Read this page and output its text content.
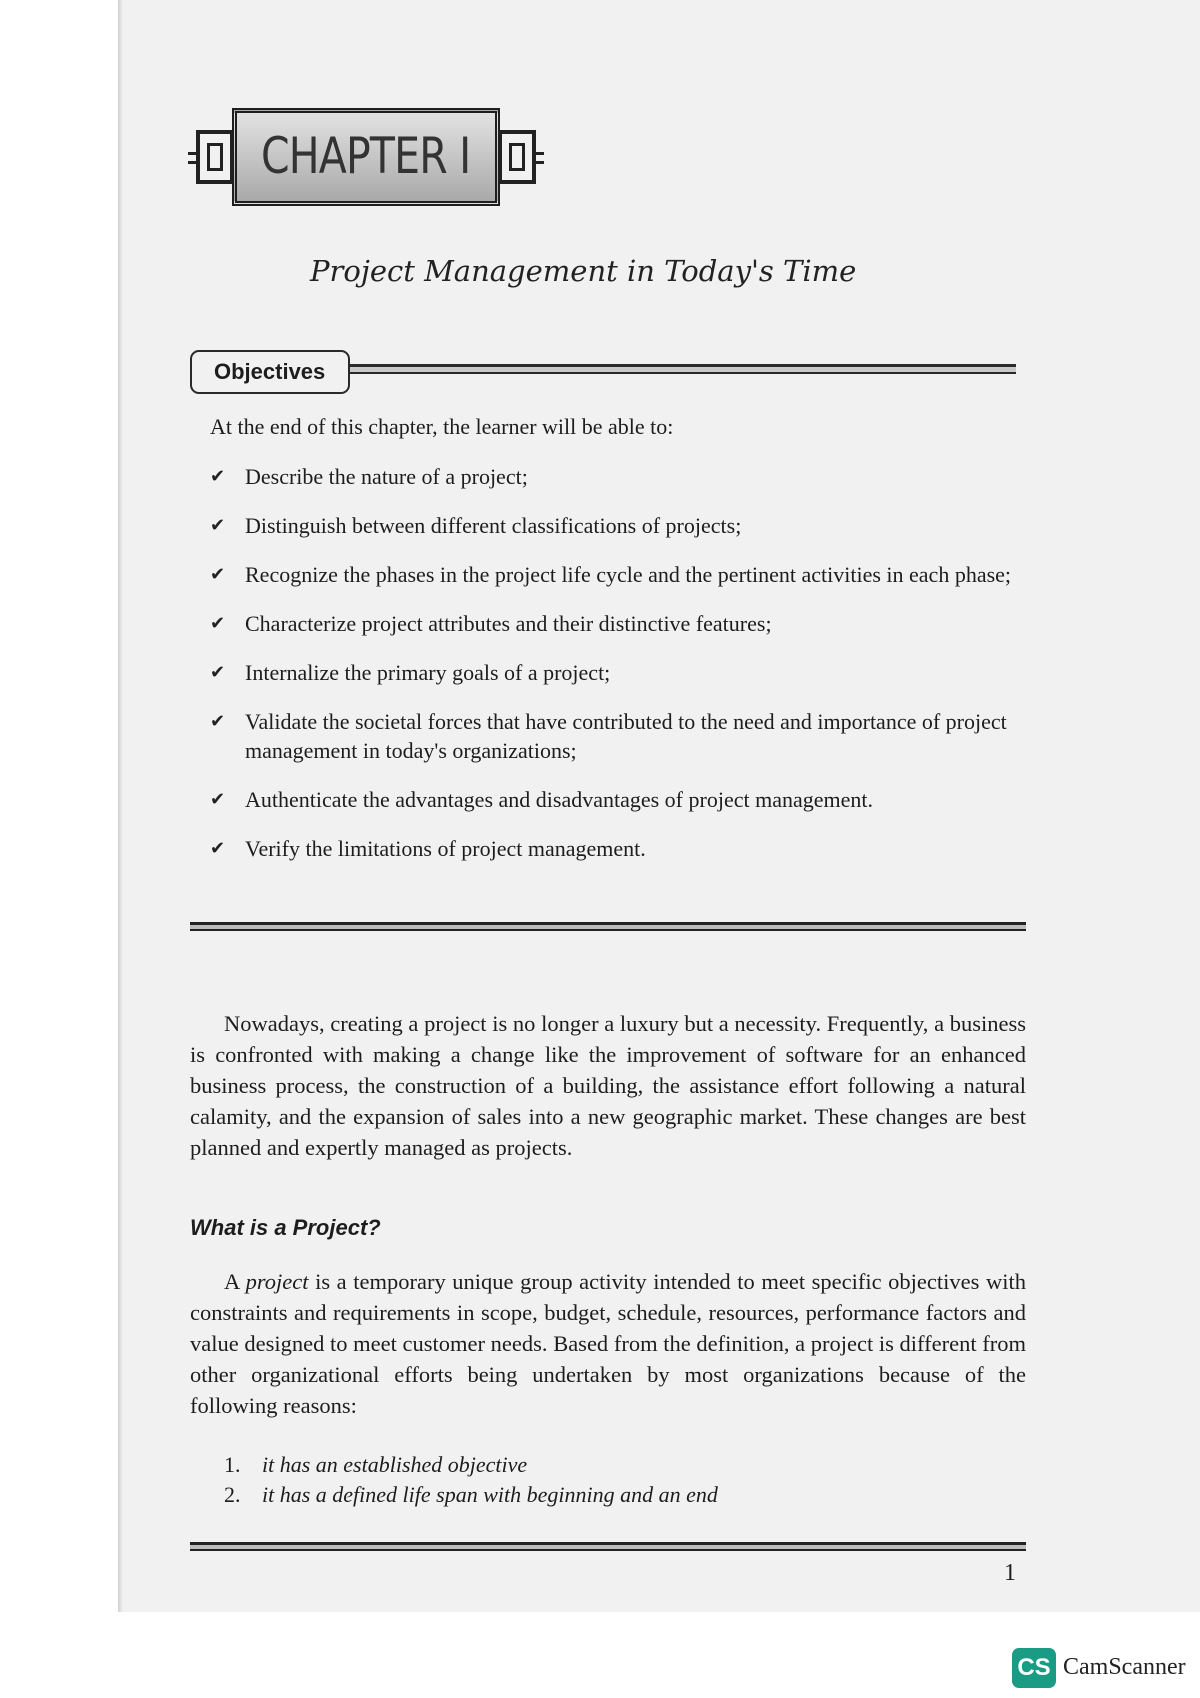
CHAPTER I
Project Management in Today's Time
Objectives
At the end of this chapter, the learner will be able to:
✔ Describe the nature of a project;
✔ Distinguish between different classifications of projects;
✔ Recognize the phases in the project life cycle and the pertinent activities in each phase;
✔ Characterize project attributes and their distinctive features;
✔ Internalize the primary goals of a project;
✔ Validate the societal forces that have contributed to the need and importance of project management in today's organizations;
✔ Authenticate the advantages and disadvantages of project management.
✔ Verify the limitations of project management.

Nowadays, creating a project is no longer a luxury but a necessity. Frequently, a business is confronted with making a change like the improvement of software for an enhanced business process, the construction of a building, the assistance effort following a natural calamity, and the expansion of sales into a new geographic market. These changes are best planned and expertly managed as projects.

What is a Project?

A project is a temporary unique group activity intended to meet specific objectives with constraints and requirements in scope, budget, schedule, resources, performance factors and value designed to meet customer needs. Based from the definition, a project is different from other organizational efforts being undertaken by most organizations because of the following reasons:

1. it has an established objective
2. it has a defined life span with beginning and an end
1
CS CamScanner
